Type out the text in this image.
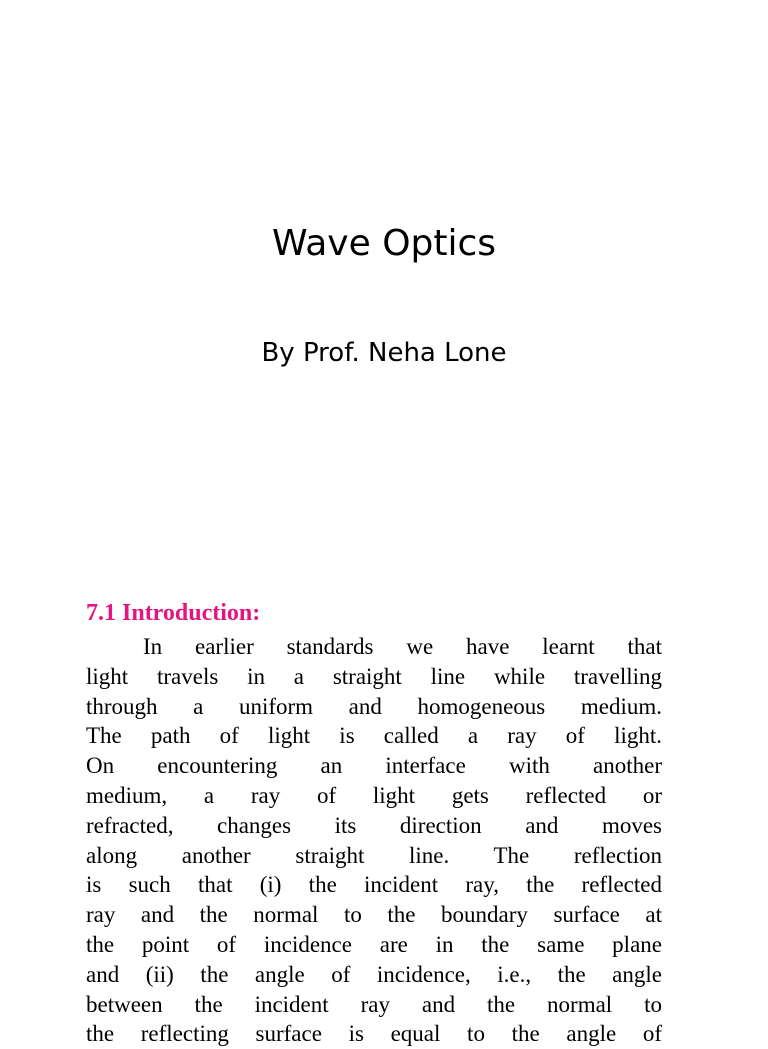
Wave Optics
By Prof. Neha Lone
7.1 Introduction:
In earlier standards we have learnt that
light travels in a straight line while travelling
through a uniform and homogeneous medium.
The path of light is called a ray of light.
On encountering an interface with another
medium, a ray of light gets reflected or
refracted, changes its direction and moves
along another straight line. The reflection
is such that (i) the incident ray, the reflected
ray and the normal to the boundary surface at
the point of incidence are in the same plane
and (ii) the angle of incidence, i.e., the angle
between the incident ray and the normal to
the reflecting surface is equal to the angle of
